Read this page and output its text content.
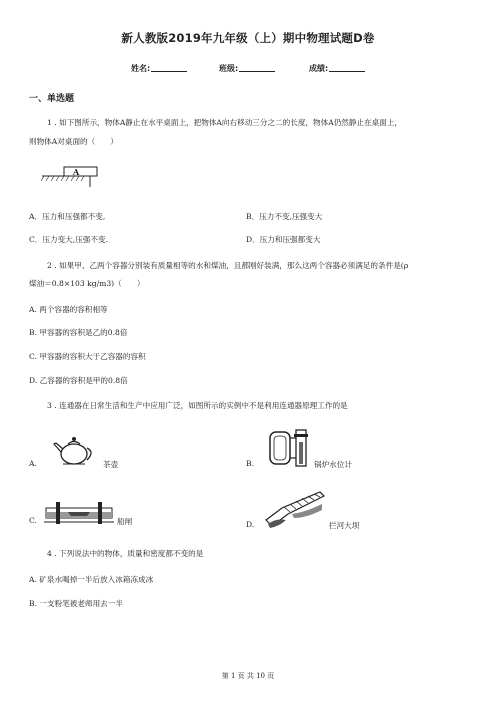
新人教版2019年九年级（上）期中物理试题D卷
姓名:	班级:	成绩:
一、单选题
1 . 如下图所示，物体A静止在水平桌面上，把物体A向右移动三分之二的长度，物体A仍然静止在桌面上，
则物体A对桌面的（　　）
A
A．压力和压强都不变,	B．压力不变,压强变大
C．压力变大,压强不变.	D．压力和压强都变大
2 . 如果甲、乙两个容器分别装有质量相等的水和煤油，且都刚好装满，那么这两个容器必须满足的条件是(ρ
煤油＝0.8×103 kg/m3)（　　）
A. 两个容器的容积相等
B. 甲容器的容积是乙的0.8倍
C. 甲容器的容积大于乙容器的容积
D. 乙容器的容积是甲的0.8倍
3 . 连通器在日常生活和生产中应用广泛，如图所示的实例中不是利用连通器原理工作的是
A.	茶壶	B.	锅炉水位计
C.	船闸	D.	拦河大坝
4 . 下列说法中的物体，质量和密度都不变的是
A. 矿泉水喝掉一半后放入冰箱冻成冰
B. 一支粉笔被老师用去一半
第 1 页 共 10 页
